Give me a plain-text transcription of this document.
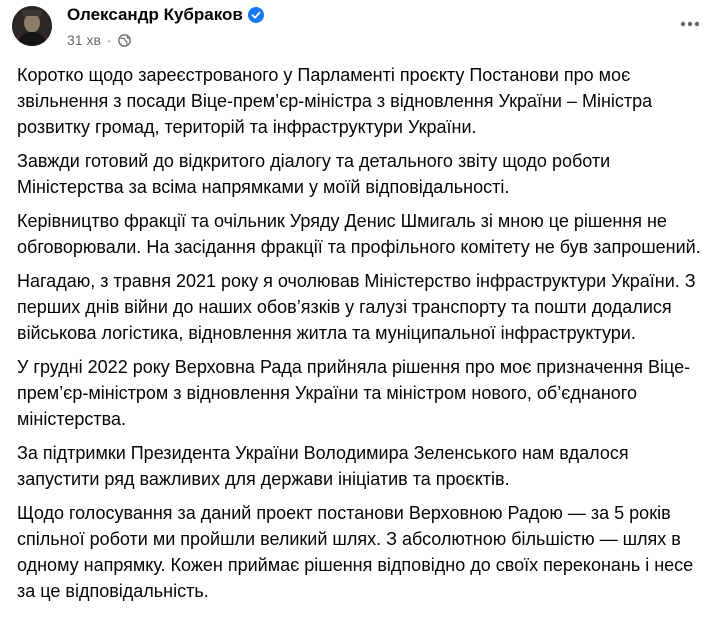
Олександр Кубраков
31 хв ·

Коротко щодо зареєстрованого у Парламенті проєкту Постанови про моє звільнення з посади Віце-прем’єр-міністра з відновлення України – Міністра розвитку громад, територій та інфраструктури України.

Завжди готовий до відкритого діалогу та детального звіту щодо роботи Міністерства за всіма напрямками у моїй відповідальності.

Керівництво фракції та очільник Уряду Денис Шмигаль зі мною це рішення не обговорювали. На засідання фракції та профільного комітету не був запрошений.

Нагадаю, з травня 2021 року я очолював Міністерство інфраструктури України. З перших днів війни до наших обов’язків у галузі транспорту та пошти додалися військова логістика, відновлення житла та муніципальної інфраструктури.

У грудні 2022 року Верховна Рада прийняла рішення про моє призначення Віце-прем’єр-міністром з відновлення України та міністром нового, об’єднаного міністерства.

За підтримки Президента України Володимира Зеленського нам вдалося запустити ряд важливих для держави ініціатив та проєктів.

Щодо голосування за даний проект постанови Верховною Радою — за 5 років спільної роботи ми пройшли великий шлях. З абсолютною більшістю — шлях в одному напрямку. Кожен приймає рішення відповідно до своїх переконань і несе за це відповідальність.
